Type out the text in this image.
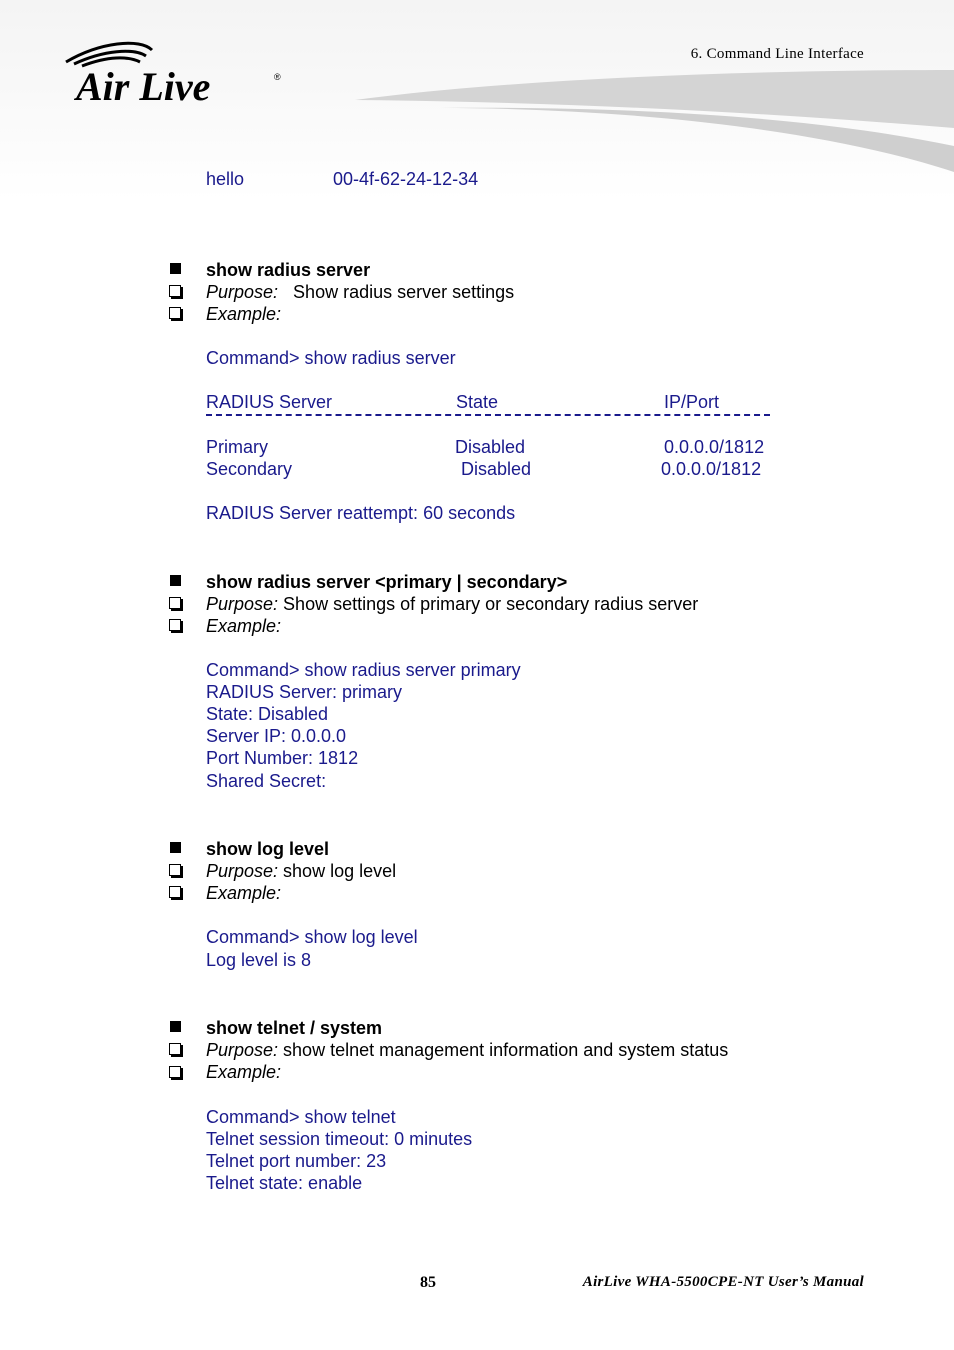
Air Live	®
6. Command Line Interface
hello	00-4f-62-24-12-34
show radius server
Purpose:   Show radius server settings
Example:
Command> show radius server
RADIUS Server	State	IP/Port
Primary	Disabled	0.0.0.0/1812
Secondary	Disabled	0.0.0.0/1812
RADIUS Server reattempt: 60 seconds
show radius server <primary | secondary>
Purpose: Show settings of primary or secondary radius server
Example:
Command> show radius server primary
RADIUS Server: primary
State: Disabled
Server IP: 0.0.0.0
Port Number: 1812
Shared Secret:
show log level
Purpose: show log level
Example:
Command> show log level
Log level is 8
show telnet / system
Purpose: show telnet management information and system status
Example:
Command> show telnet
Telnet session timeout: 0 minutes
Telnet port number: 23
Telnet state: enable
85	AirLive WHA-5500CPE-NT User’s Manual
